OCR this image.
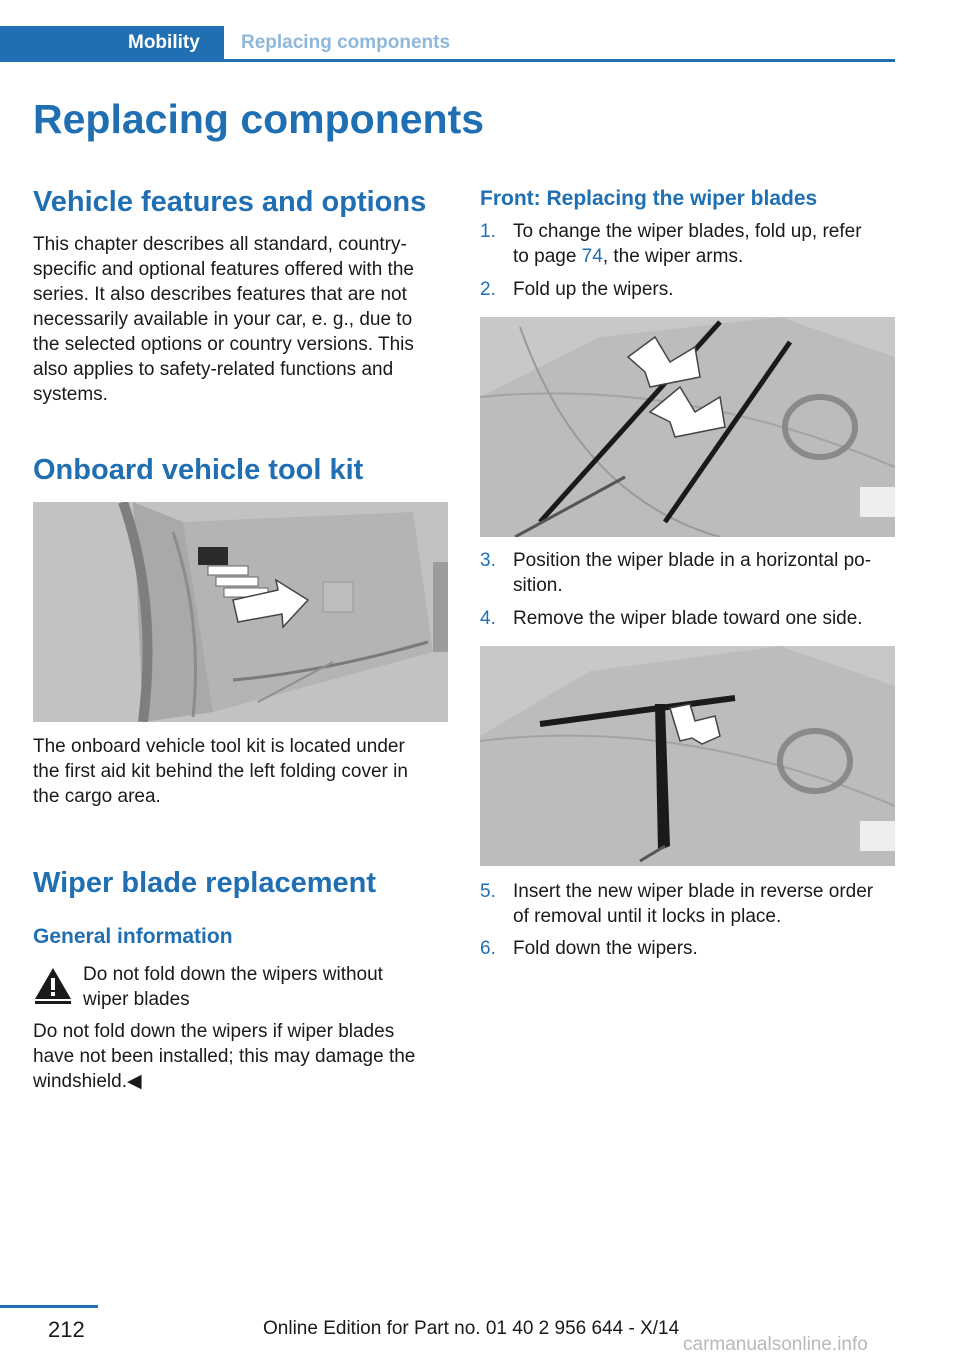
Mobility Replacing components
Replacing components
Vehicle features and options
This chapter describes all standard, country-
specific and optional features offered with the
series. It also describes features that are not
necessarily available in your car, e. g., due to
the selected options or country versions. This
also applies to safety-related functions and
systems.
Onboard vehicle tool kit
The onboard vehicle tool kit is located under
the first aid kit behind the left folding cover in
the cargo area.
Wiper blade replacement
General information
Do not fold down the wipers without
wiper blades
Do not fold down the wipers if wiper blades
have not been installed; this may damage the
windshield.◀
Front: Replacing the wiper blades
1. To change the wiper blades, fold up, refer
to page 74, the wiper arms.
2. Fold up the wipers.
3. Position the wiper blade in a horizontal po-
sition.
4. Remove the wiper blade toward one side.
5. Insert the new wiper blade in reverse order
of removal until it locks in place.
6. Fold down the wipers.
212	Online Edition for Part no. 01 40 2 956 644 - X/14
carmanualsonline.info
